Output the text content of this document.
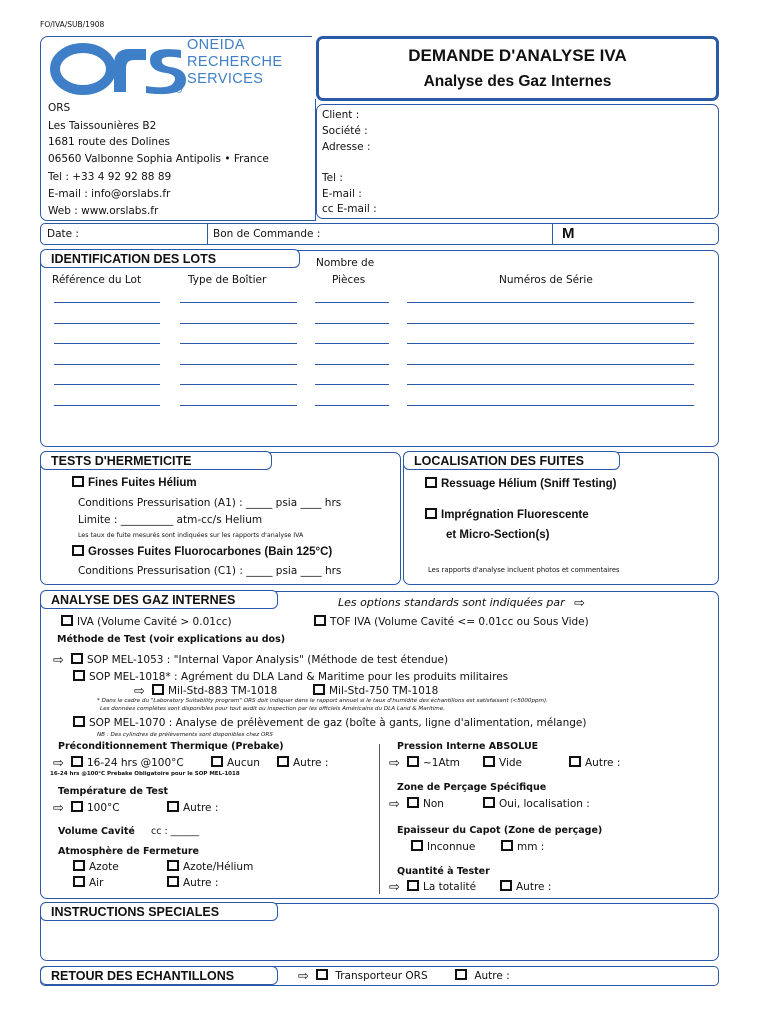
FO/IVA/SUB/1908
ONEIDA
RECHERCHE
SERVICES
DEMANDE D'ANALYSE IVA
Analyse des Gaz Internes
ORS
Les Taissounières B2
1681 route des Dolines
06560 Valbonne Sophia Antipolis • France
Tel : +33 4 92 92 88 89
E-mail : info@orslabs.fr
Web : www.orslabs.fr
Client :
Société :
Adresse :
Tel :
E-mail :
cc E-mail :
Date :	Bon de Commande :	M
IDENTIFICATION DES LOTS	Nombre de
Référence du Lot	Type de Boîtier	Pièces	Numéros de Série
TESTS D'HERMETICITE
Fines Fuites Hélium
Conditions Pressurisation (A1) : _____ psia ____ hrs
Limite : __________ atm-cc/s Helium
Les taux de fuite mesurés sont indiquées sur les rapports d'analyse IVA
Grosses Fuites Fluorocarbones (Bain 125°C)
Conditions Pressurisation (C1) : _____ psia ____ hrs
LOCALISATION DES FUITES
Ressuage Hélium (Sniff Testing)
Imprégnation Fluorescente
et Micro-Section(s)
Les rapports d'analyse incluent photos et commentaires
ANALYSE DES GAZ INTERNES	Les options standards sont indiquées par ⇨
IVA (Volume Cavité > 0.01cc)	TOF IVA (Volume Cavité <= 0.01cc ou Sous Vide)
Méthode de Test (voir explications au dos)
⇨ SOP MEL-1053 : "Internal Vapor Analysis" (Méthode de test étendue)
SOP MEL-1018* : Agrément du DLA Land & Maritime pour les produits militaires
⇨ Mil-Std-883 TM-1018	Mil-Std-750 TM-1018
* Dans le cadre du "Laboratory Suitability program" ORS doit indiquer dans le rapport annuel si le taux d'humidité des échantillons est satisfaisant (<5000ppm).
Les données complètes sont disponibles pour tout audit ou inspection par les officiels Américains du DLA Land & Maritime.
SOP MEL-1070 : Analyse de prélèvement de gaz (boîte à gants, ligne d'alimentation, mélange)
NB : Des cylindres de prélèvements sont disponibles chez ORS
Préconditionnement Thermique (Prebake)
⇨ 16-24 hrs @100°C	Aucun	Autre :
16-24 hrs @100°C Prebake Obligatoire pour le SOP MEL-1018
Température de Test
⇨ 100°C	Autre :
Volume Cavité cc : ______
Atmosphère de Fermeture
Azote	Azote/Hélium
Air	Autre :
Pression Interne ABSOLUE
⇨ ~1Atm	Vide	Autre :
Zone de Perçage Spécifique
⇨ Non	Oui, localisation :
Epaisseur du Capot (Zone de perçage)
Inconnue	mm :
Quantité à Tester
⇨ La totalité	Autre :
INSTRUCTIONS SPECIALES
RETOUR DES ECHANTILLONS	⇨	Transporteur ORS	Autre :
